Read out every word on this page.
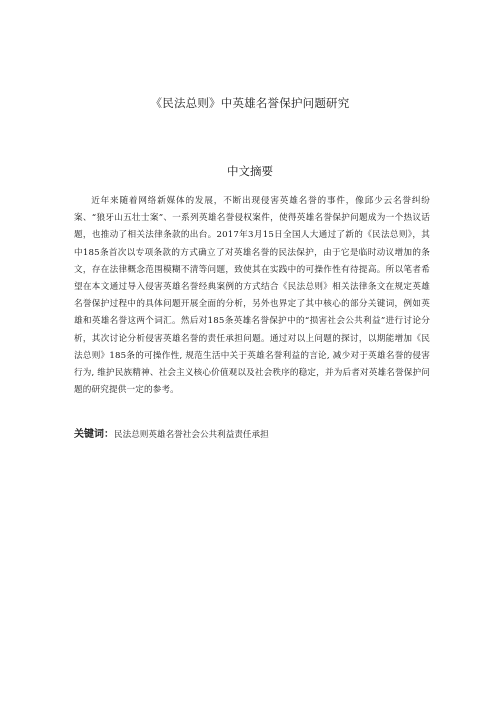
《民法总则》中英雄名誉保护问题研究
中文摘要

近年来随着网络新媒体的发展，不断出现侵害英雄名誉的事件，像邱少云名誉纠纷案、“狼牙山五壮士案”、一系列英雄名誉侵权案件，使得英雄名誉保护问题成为一个热议话题，也推动了相关法律条款的出台。2017年3月15日全国人大通过了新的《民法总则》，其中185条首次以专项条款的方式确立了对英雄名誉的民法保护，由于它是临时动议增加的条文，存在法律概念范围模糊不清等问题，致使其在实践中的可操作性有待提高。所以笔者希望在本文通过导入侵害英雄名誉经典案例的方式结合《民法总则》相关法律条文在规定英雄名誉保护过程中的具体问题开展全面的分析，另外也界定了其中核心的部分关键词，例如英雄和英雄名誉这两个词汇。然后对185条英雄名誉保护中的“损害社会公共利益”进行讨论分析，其次讨论分析侵害英雄名誉的责任承担问题。通过对以上问题的探讨，以期能增加《民法总则》185条的可操作性, 规范生活中关于英雄名誉利益的言论, 减少对于英雄名誉的侵害行为, 维护民族精神、社会主义核心价值观以及社会秩序的稳定，并为后者对英雄名誉保护问题的研究提供一定的参考。

关键词：民法总则英雄名誉社会公共利益责任承担
